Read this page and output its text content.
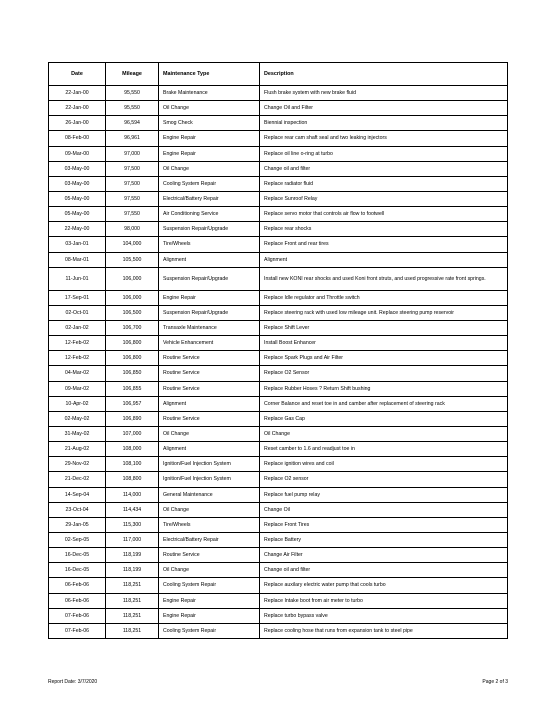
Date	Mileage	Maintenance Type	Description
22-Jan-00	95,550	Brake Maintenance	Flush brake system with new brake fluid
22-Jan-00	95,550	Oil Change	Change Oil and Filter
26-Jan-00	96,594	Smog Check	Biennial inspection
08-Feb-00	96,961	Engine Repair	Replace rear cam shaft seal and two leaking injectors
09-Mar-00	97,000	Engine Repair	Replace oil line o-ring at turbo
03-May-00	97,500	Oil Change	Change oil and filter
03-May-00	97,500	Cooling System Repair	Replace radiator fluid
05-May-00	97,550	Electrical/Battery Repair	Replace Sunroof Relay
05-May-00	97,550	Air Conditioning Service	Replace servo motor that controls air flow to footwell
22-May-00	98,000	Suspension Repair/Upgrade	Replace rear shocks
03-Jan-01	104,000	Tire/Wheels	Replace Front and rear tires
08-Mar-01	105,500	Alignment	Alignment
11-Jun-01	106,000	Suspension Repair/Upgrade	Install new KONI rear shocks and used Koni front struts, and used progressive rate front springs.
17-Sep-01	106,000	Engine Repair	Replace Idle regulator and Throttle switch
02-Oct-01	106,500	Suspension Repair/Upgrade	Replace steering rack with used low mileage unit. Replace steering pump reservoir
02-Jan-02	106,700	Transaxle Maintenance	Replace Shift Lever
12-Feb-02	106,800	Vehicle Enhancement	Install Boost Enhancer
12-Feb-02	106,800	Routine Service	Replace Spark Plugs and Air Filter
04-Mar-02	106,850	Routine Service	Replace O2 Sensor
09-Mar-02	106,855	Routine Service	Replace Rubber Hoses ? Return Shift bushing
10-Apr-02	106,957	Alignment	Corner Balance and reset toe in and camber after replacement of steering rack
02-May-02	106,890	Routine Service	Replace Gas Cap
31-May-02	107,000	Oil Change	Oil Change
21-Aug-02	108,000	Alignment	Reset camber to 1.6 and readjust toe in
29-Nov-02	108,100	Ignition/Fuel Injection System	Replace ignition wires and coil
21-Dec-02	108,800	Ignition/Fuel Injection System	Replace O2 sensor
14-Sep-04	114,000	General Maintenance	Replace fuel pump relay
23-Oct-04	114,434	Oil Change	Change Oil
29-Jan-05	115,300	Tire/Wheels	Replace Front Tires
02-Sep-05	117,000	Electrical/Battery Repair	Replace Battery
16-Dec-05	118,199	Routine Service	Change Air Filter
16-Dec-05	118,199	Oil Change	Change oil and filter
06-Feb-06	118,251	Cooling System Repair	Replace auxilary electric water pump that cools turbo
06-Feb-06	118,251	Engine Repair	Replace Intake boot from air meter to turbo
07-Feb-06	118,251	Engine Repair	Replace turbo bypass valve
07-Feb-06	118,251	Cooling System Repair	Replace cooling hose that runs from expansion tank to steel pipe
Report Date: 3/7/2020	Page 2 of 3
